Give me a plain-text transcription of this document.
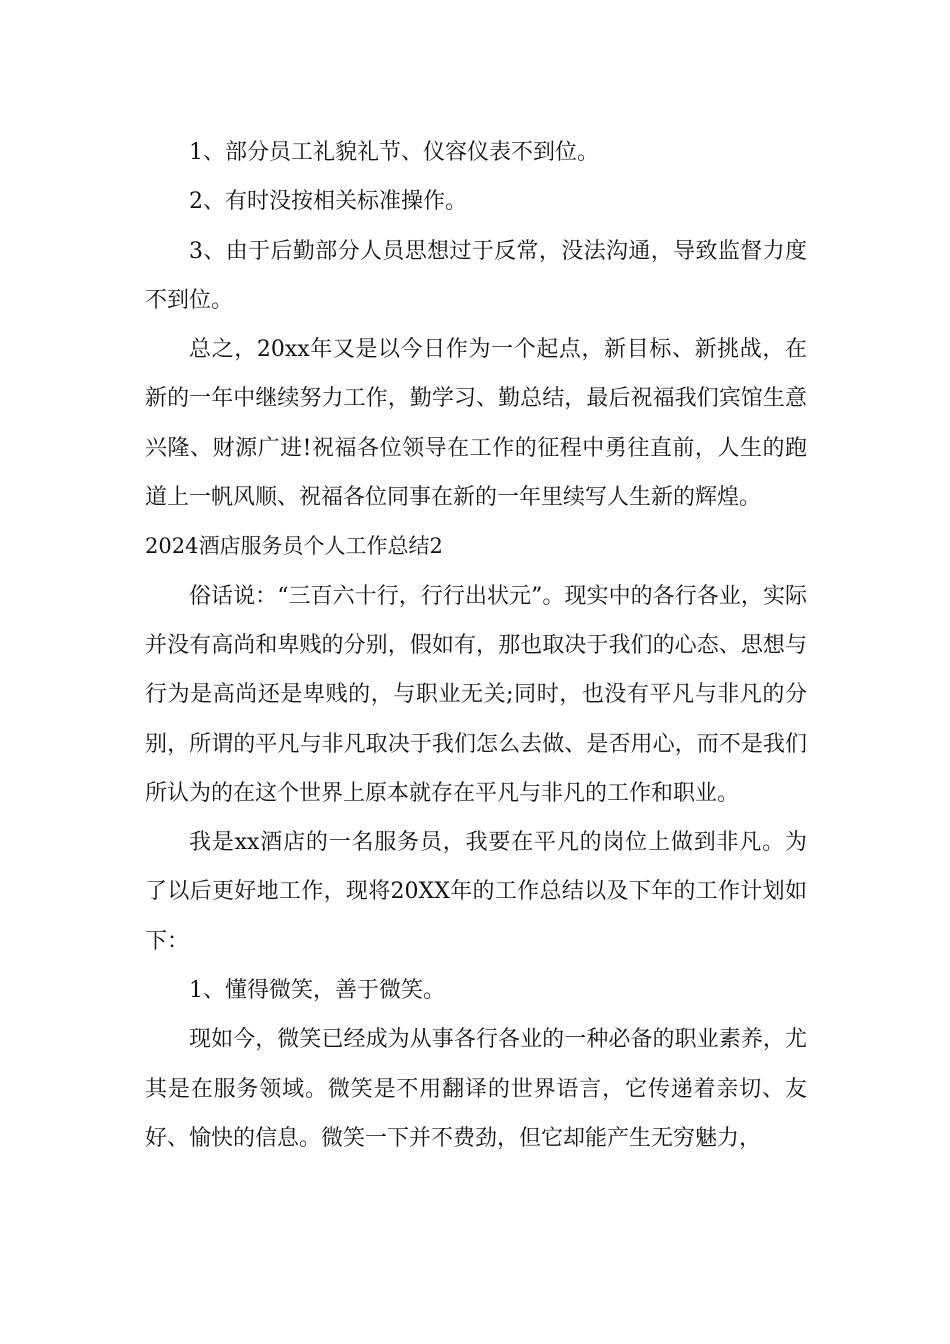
1、部分员工礼貌礼节、仪容仪表不到位。

2、有时没按相关标准操作。

3、由于后勤部分人员思想过于反常，没法沟通，导致监督力度不到位。

总之，20xx年又是以今日作为一个起点，新目标、新挑战，在新的一年中继续努力工作，勤学习、勤总结，最后祝福我们宾馆生意兴隆、财源广进!祝福各位领导在工作的征程中勇往直前，人生的跑道上一帆风顺、祝福各位同事在新的一年里续写人生新的辉煌。

2024酒店服务员个人工作总结2

俗话说：“三百六十行，行行出状元”。现实中的各行各业，实际并没有高尚和卑贱的分别，假如有，那也取决于我们的心态、思想与行为是高尚还是卑贱的，与职业无关;同时，也没有平凡与非凡的分别，所谓的平凡与非凡取决于我们怎么去做、是否用心，而不是我们所认为的在这个世界上原本就存在平凡与非凡的工作和职业。

我是xx酒店的一名服务员，我要在平凡的岗位上做到非凡。为了以后更好地工作，现将20XX年的工作总结以及下年的工作计划如下：

1、懂得微笑，善于微笑。

现如今，微笑已经成为从事各行各业的一种必备的职业素养，尤其是在服务领域。微笑是不用翻译的世界语言，它传递着亲切、友好、愉快的信息。微笑一下并不费劲，但它却能产生无穷魅力，
